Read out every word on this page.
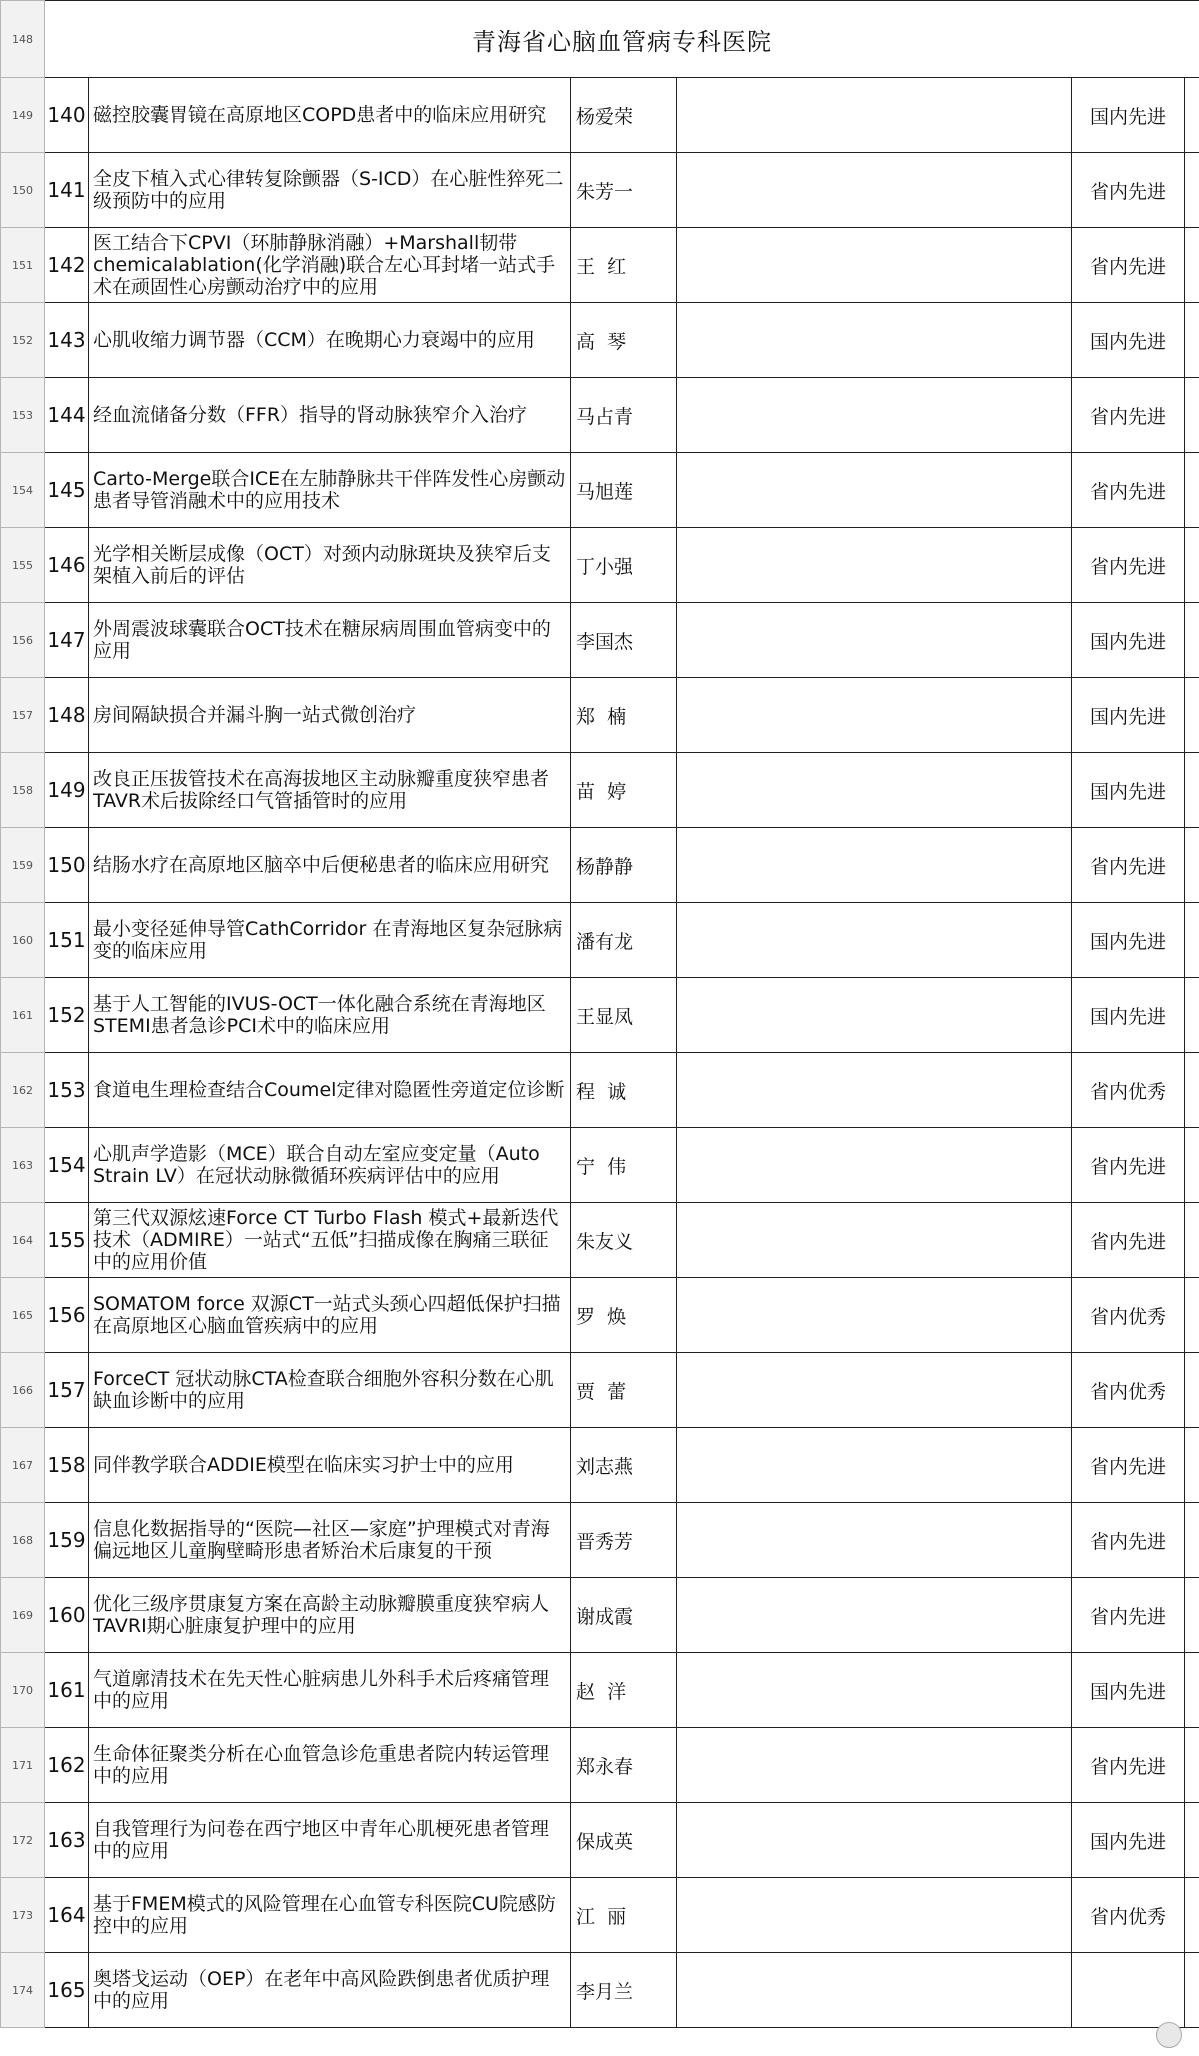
148	青海省心脑血管病专科医院					
149	140	磁控胶囊胃镜在高原地区COPD患者中的临床应用研究	杨爱荣		国内先进	
150	141	全皮下植入式心律转复除颤器（S-ICD）在心脏性猝死二级预防中的应用	朱芳一		省内先进	
151	142	医工结合下CPVI（环肺静脉消融）+Marshall韧带chemicalablation(化学消融)联合左心耳封堵一站式手术在顽固性心房颤动治疗中的应用	王  红		省内先进	
152	143	心肌收缩力调节器（CCM）在晚期心力衰竭中的应用	高  琴		国内先进	
153	144	经血流储备分数（FFR）指导的肾动脉狭窄介入治疗	马占青		省内先进	
154	145	Carto-Merge联合ICE在左肺静脉共干伴阵发性心房颤动患者导管消融术中的应用技术	马旭莲		省内先进	
155	146	光学相关断层成像（OCT）对颈内动脉斑块及狭窄后支架植入前后的评估	丁小强		省内先进	
156	147	外周震波球囊联合OCT技术在糖尿病周围血管病变中的应用	李国杰		国内先进	
157	148	房间隔缺损合并漏斗胸一站式微创治疗	郑  楠		国内先进	
158	149	改良正压拔管技术在高海拔地区主动脉瓣重度狭窄患者TAVR术后拔除经口气管插管时的应用	苗  婷		国内先进	
159	150	结肠水疗在高原地区脑卒中后便秘患者的临床应用研究	杨静静		省内先进	
160	151	最小变径延伸导管CathCorridor 在青海地区复杂冠脉病变的临床应用	潘有龙		国内先进	
161	152	基于人工智能的IVUS-OCT一体化融合系统在青海地区STEMI患者急诊PCI术中的临床应用	王显凤		国内先进	
162	153	食道电生理检查结合Coumel定律对隐匿性旁道定位诊断	程  诚		省内优秀	
163	154	心肌声学造影（MCE）联合自动左室应变定量（Auto Strain LV）在冠状动脉微循环疾病评估中的应用	宁  伟		省内先进	
164	155	第三代双源炫速Force CT Turbo Flash 模式+最新迭代技术（ADMIRE）一站式“五低”扫描成像在胸痛三联征中的应用价值	朱友义		省内先进	
165	156	SOMATOM force 双源CT一站式头颈心四超低保护扫描在高原地区心脑血管疾病中的应用	罗  焕		省内优秀	
166	157	ForceCT 冠状动脉CTA检查联合细胞外容积分数在心肌缺血诊断中的应用	贾  蕾		省内优秀	
167	158	同伴教学联合ADDIE模型在临床实习护士中的应用	刘志燕		省内先进	
168	159	信息化数据指导的“医院—社区—家庭”护理模式对青海偏远地区儿童胸壁畸形患者矫治术后康复的干预	晋秀芳		省内先进	
169	160	优化三级序贯康复方案在高龄主动脉瓣膜重度狭窄病人TAVRI期心脏康复护理中的应用	谢成霞		省内先进	
170	161	气道廓清技术在先天性心脏病患儿外科手术后疼痛管理中的应用	赵  洋		国内先进	
171	162	生命体征聚类分析在心血管急诊危重患者院内转运管理中的应用	郑永春		省内先进	
172	163	自我管理行为问卷在西宁地区中青年心肌梗死患者管理中的应用	保成英		国内先进	
173	164	基于FMEM模式的风险管理在心血管专科医院CU院感防控中的应用	江  丽		省内优秀	
174	165	奥塔戈运动（OEP）在老年中高风险跌倒患者优质护理中的应用	李月兰			
